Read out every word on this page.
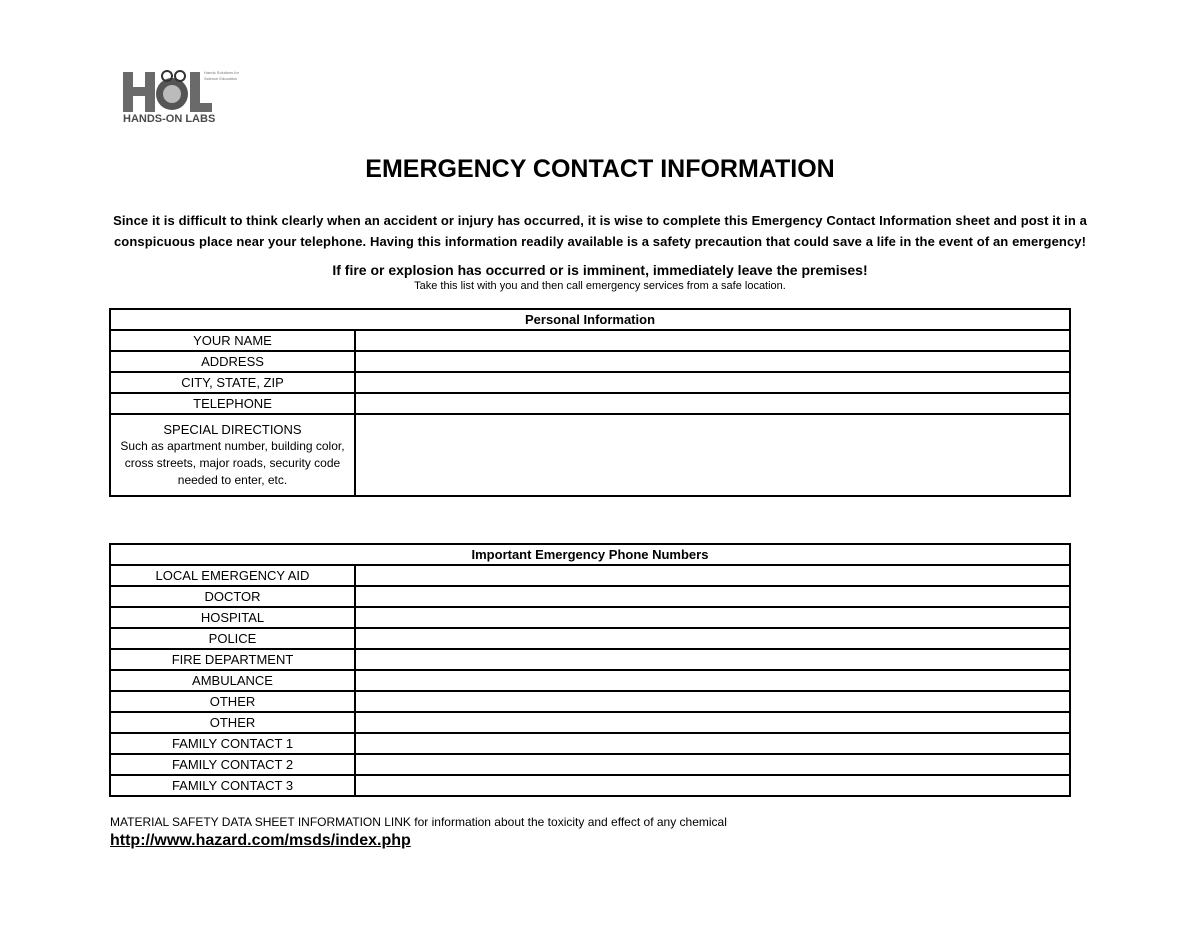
HANDS-ON LABS
Hands Solutions for Science Education
EMERGENCY CONTACT INFORMATION
Since it is difficult to think clearly when an accident or injury has occurred, it is wise to complete this Emergency Contact Information sheet and post it in a conspicuous place near your telephone. Having this information readily available is a safety precaution that could save a life in the event of an emergency!
If fire or explosion has occurred or is imminent, immediately leave the premises!
Take this list with you and then call emergency services from a safe location.
Personal Information	
YOUR NAME	
ADDRESS	
CITY, STATE, ZIP	
TELEPHONE	

SPECIAL DIRECTIONS
Such as apartment number, building color, cross streets, major roads, security code needed to enter, etc.	

Important Emergency Phone Numbers	
LOCAL EMERGENCY AID	
DOCTOR	
HOSPITAL	
POLICE	
FIRE DEPARTMENT	
AMBULANCE	
OTHER	
OTHER	
FAMILY CONTACT 1	
FAMILY CONTACT 2	
FAMILY CONTACT 3	
MATERIAL SAFETY DATA SHEET INFORMATION LINK for information about the toxicity and effect of any chemical
http://www.hazard.com/msds/index.php
